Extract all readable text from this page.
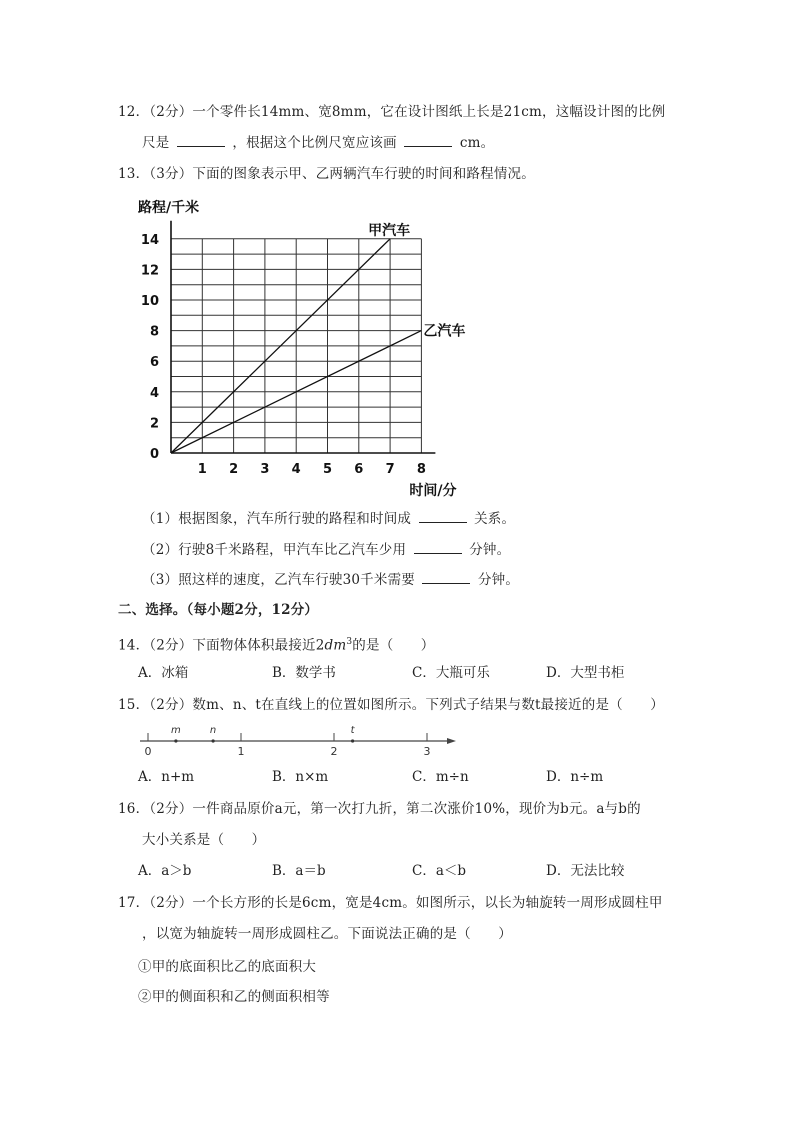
12．（2分）一个零件长14mm、宽8mm，它在设计图纸上长是21cm，这幅设计图的比例
尺是	，根据这个比例尺宽应该画	cm。
13．（3分）下面的图象表示甲、乙两辆汽车行驶的时间和路程情况。
0
2
4
6
8
10
12
14
1 2 3 4 5 6 7 8
甲汽车
乙汽车
路程/千米
时间/分
（1）根据图象，汽车所行驶的路程和时间成	关系。
（2）行驶8千米路程，甲汽车比乙汽车少用	分钟。
（3）照这样的速度，乙汽车行驶30千米需要	分钟。
二、选择。（每小题2分，12分）
14．（2分）下面物体体积最接近$2dm^3$的是（　　）
A．冰箱	B．数学书	C．大瓶可乐	D．大型书柜
15．（2分）数m、n、t在直线上的位置如图所示。下列式子结果与数t最接近的是（　　）
0	1	2	3
m	n	t
A．n+m	B．n×m	C．m÷n	D．n÷m
16．（2分）一件商品原价a元，第一次打九折，第二次涨价10%，现价为b元。a与b的
大小关系是（　　）
A．a＞b	B．a＝b	C．a＜b	D．无法比较
17．（2分）一个长方形的长是6cm，宽是4cm。如图所示，以长为轴旋转一周形成圆柱甲
，以宽为轴旋转一周形成圆柱乙。下面说法正确的是（　　）
①甲的底面积比乙的底面积大
②甲的侧面积和乙的侧面积相等
